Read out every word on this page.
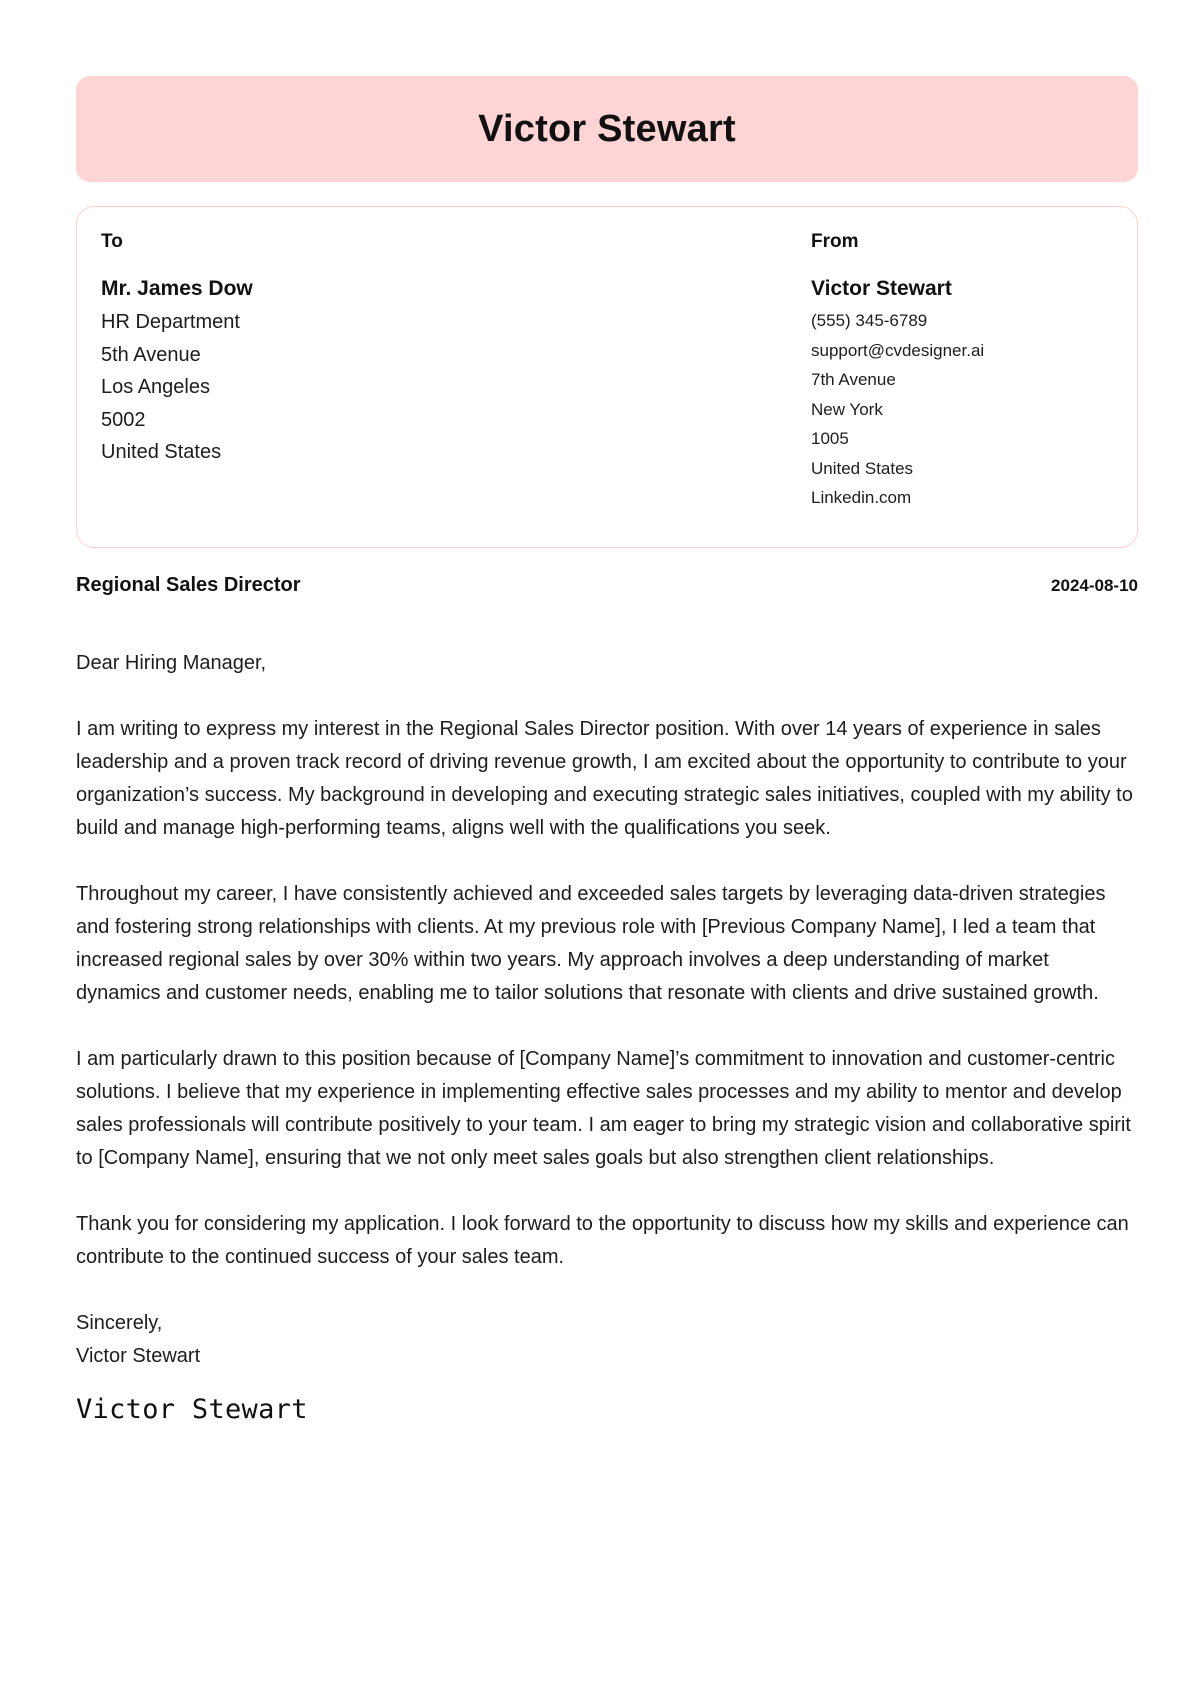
Victor Stewart
To
Mr. James Dow
HR Department
5th Avenue
Los Angeles
5002
United States
From
Victor Stewart
(555) 345-6789
support@cvdesigner.ai
7th Avenue
New York
1005
United States
Linkedin.com
Regional Sales Director	2024-08-10

Dear Hiring Manager,

I am writing to express my interest in the Regional Sales Director position. With over 14 years of experience in sales leadership and a proven track record of driving revenue growth, I am excited about the opportunity to contribute to your organization’s success. My background in developing and executing strategic sales initiatives, coupled with my ability to build and manage high-performing teams, aligns well with the qualifications you seek.

Throughout my career, I have consistently achieved and exceeded sales targets by leveraging data-driven strategies and fostering strong relationships with clients. At my previous role with [Previous Company Name], I led a team that increased regional sales by over 30% within two years. My approach involves a deep understanding of market dynamics and customer needs, enabling me to tailor solutions that resonate with clients and drive sustained growth.

I am particularly drawn to this position because of [Company Name]’s commitment to innovation and customer-centric solutions. I believe that my experience in implementing effective sales processes and my ability to mentor and develop sales professionals will contribute positively to your team. I am eager to bring my strategic vision and collaborative spirit to [Company Name], ensuring that we not only meet sales goals but also strengthen client relationships.

Thank you for considering my application. I look forward to the opportunity to discuss how my skills and experience can contribute to the continued success of your sales team.

Sincerely,
Victor Stewart
Victor Stewart
